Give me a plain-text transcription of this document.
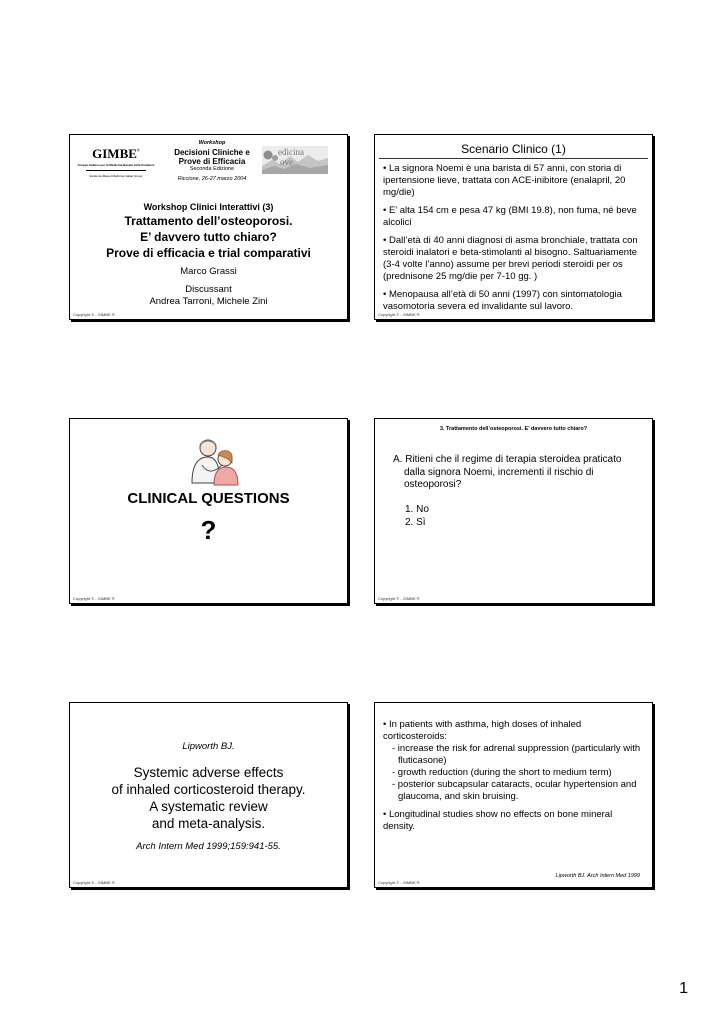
GIMBE®
Gruppo Italiano per la Medicina Basata sulle Evidenze
Evidence-Based Medicine Italian Group
Workshop
Decisioni Cliniche e
Prove di Efficacia
Seconda Edizione
Riccione, 26-27 marzo 2004
edicina
ove
Workshop Clinici Interattivi (3)
Trattamento dell’osteoporosi.
E’ davvero tutto chiaro?
Prove di efficacia e trial comparativi
Marco Grassi
Discussant
Andrea Tarroni, Michele Zini
Copyright © - GIMBE ®
Scenario Clinico (1)
• La signora Noemi è una barista di 57 anni, con storia di ipertensione lieve, trattata con ACE-inibitore (enalapril, 20 mg/die)
• E’ alta 154 cm e pesa 47 kg (BMI 19.8), non fuma, né beve alcolici
• Dall’età di 40 anni diagnosi di asma bronchiale, trattata con steroidi inalatori e beta-stimolanti al bisogno. Saltuariamente (3-4 volte l’anno) assume per brevi periodi steroidi per os (prednisone 25 mg/die per 7-10 gg. )
• Menopausa all’età di 50 anni (1997) con sintomatologia vasomotoria severa ed invalidante sul lavoro.
Copyright © - GIMBE ®
CLINICAL QUESTIONS
?
Copyright © - GIMBE ®
3. Trattamento dell’osteoporosi. E’ davvero tutto chiaro?
A. Ritieni che il regime di terapia steroidea praticato dalla signora Noemi, incrementi il rischio di osteoporosi?
1. No
2. Sì
Copyright © - GIMBE ®
Lipworth BJ.
Systemic adverse effects
of inhaled corticosteroid therapy.
A systematic review
and meta-analysis.
Arch Intern Med 1999;159:941-55.
Copyright © - GIMBE ®
• In patients with asthma, high doses of inhaled corticosteroids:
- increase the risk for adrenal suppression (particularly with fluticasone)
- growth reduction (during the short to medium term)
- posterior subcapsular cataracts, ocular hypertension and glaucoma, and skin bruising.
• Longitudinal studies show no effects on bone mineral density.
Lipworth BJ. Arch Intern Med 1999
Copyright © - GIMBE ®
1
